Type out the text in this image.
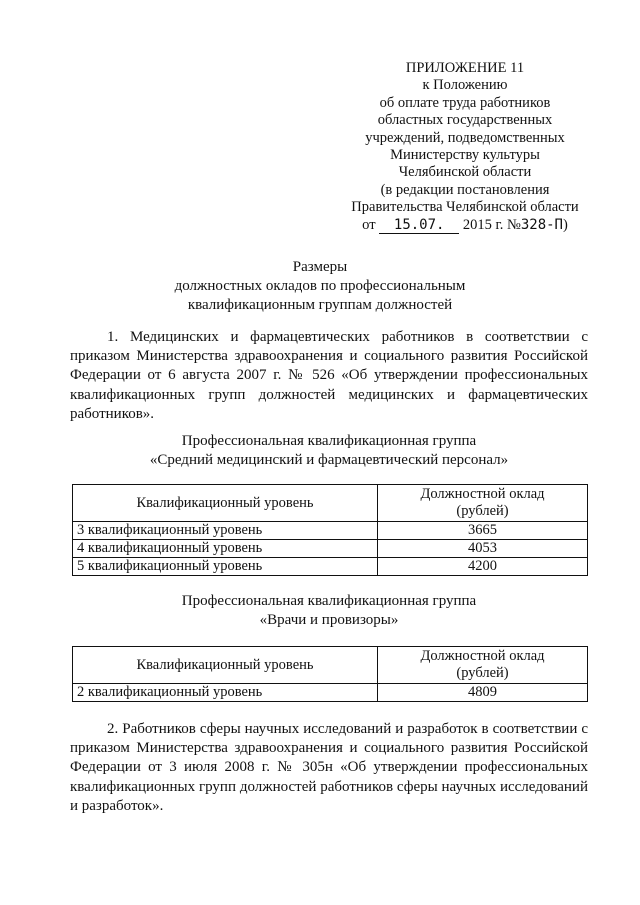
ПРИЛОЖЕНИЕ 11
к Положению
об оплате труда работников
областных государственных
учреждений, подведомственных
Министерству культуры
Челябинской области
(в редакции постановления
Правительства Челябинской области
от 15.07. 2015 г. №328-П)
Размеры
должностных окладов по профессиональным
квалификационным группам должностей
1. Медицинских и фармацевтических работников в соответствии с приказом Министерства здравоохранения и социального развития Российской Федерации от 6 августа 2007 г. № 526 «Об утверждении профессиональных квалификационных групп должностей медицинских и фармацевтических работников».
Профессиональная квалификационная группа
«Средний медицинский и фармацевтический персонал»
Квалификационный уровень	Должностной оклад
(рублей)
3 квалификационный уровень	3665
4 квалификационный уровень	4053
5 квалификационный уровень	4200
Профессиональная квалификационная группа
«Врачи и провизоры»
Квалификационный уровень	Должностной оклад
(рублей)
2 квалификационный уровень	4809
2. Работников сферы научных исследований и разработок в соответствии с приказом Министерства здравоохранения и социального развития Российской Федерации от 3 июля 2008 г. № 305н «Об утверждении профессиональных квалификационных групп должностей работников сферы научных исследований и разработок».
